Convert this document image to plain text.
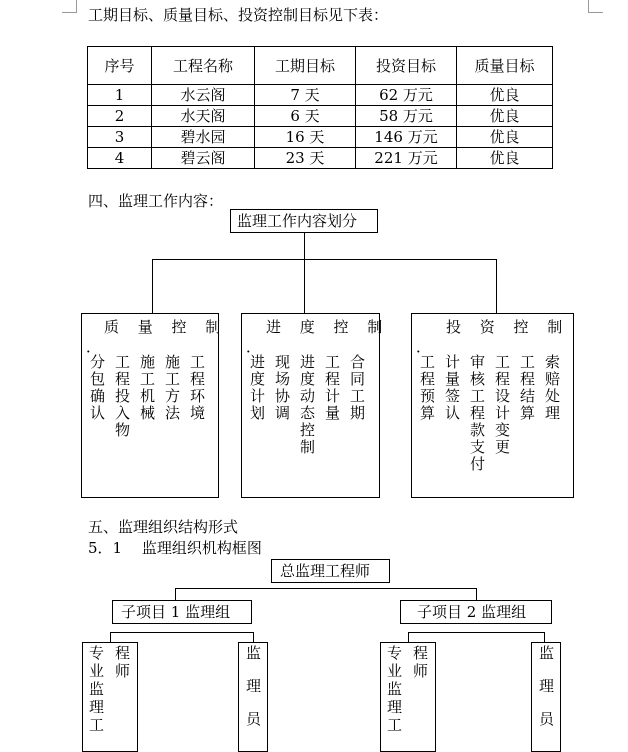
工期目标、质量目标、投资控制目标见下表：
序号	工程名称	工期目标	投资目标	质量目标
1	水云阁	7 天	62 万元	优良
2	水天阁	6 天	58 万元	优良
3	碧水园	16 天	146 万元	优良
4	碧云阁	23 天	221 万元	优良
四、监理工作内容：
监理工作内容划分
质 量 控 制
．
分包确认 工程投入物 施工机械 施工方法 工程环境
进 度 控 制
．
进度计划 现场协调 进度动态控制 工程计量 合同工期
投 资 控 制
．
工程预算 计量签认 审核工程款支付 工程设计变更 工程结算 索赔处理
五、监理组织结构形式
5．1　 监理组织机构框图
总监理工程师
子项目 1 监理组	子项目 2 监理组
专业监理工 程师	监理员	专业监理工 程师	监理员
